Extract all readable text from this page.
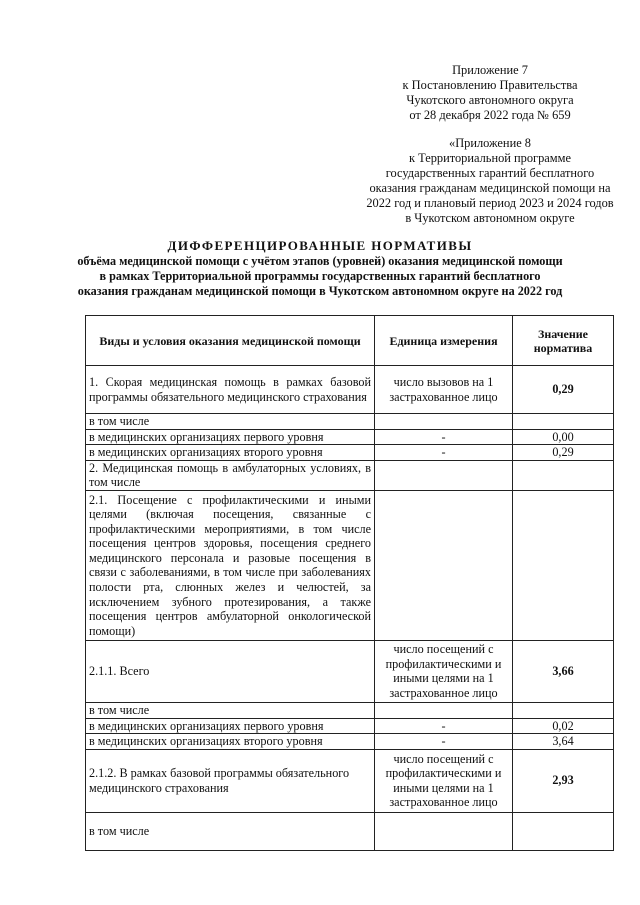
Приложение 7
к Постановлению Правительства
Чукотского автономного округа
от 28 декабря 2022 года № 659
«Приложение 8
к Территориальной программе
государственных гарантий бесплатного
оказания гражданам медицинской помощи на
2022 год и плановый период 2023 и 2024 годов
в Чукотском автономном округе
ДИФФЕРЕНЦИРОВАННЫЕ НОРМАТИВЫ
объёма медицинской помощи с учётом этапов (уровней) оказания медицинской помощи
в рамках Территориальной программы государственных гарантий бесплатного
оказания гражданам медицинской помощи в Чукотском автономном округе на 2022 год
Виды и условия оказания медицинской помощи	Единица измерения	Значение норматива
1. Скорая медицинская помощь в рамках базовой программы обязательного медицинского страхования	число вызовов на 1 застрахованное лицо	0,29
в том числе		
в медицинских организациях первого уровня	-	0,00
в медицинских организациях второго уровня	-	0,29
2. Медицинская помощь в амбулаторных условиях, в том числе		
2.1. Посещение с профилактическими и иными целями (включая посещения, связанные с профилактическими мероприятиями, в том числе посещения центров здоровья, посещения среднего медицинского персонала и разовые посещения в связи с заболеваниями, в том числе при заболеваниях полости рта, слюнных желез и челюстей, за исключением зубного протезирования, а также посещения центров амбулаторной онкологической помощи)		
2.1.1. Всего	число посещений с профилактическими и иными целями на 1 застрахованное лицо	3,66
в том числе		
в медицинских организациях первого уровня	-	0,02
в медицинских организациях второго уровня	-	3,64
2.1.2. В рамках базовой программы обязательного медицинского страхования	число посещений с профилактическими и иными целями на 1 застрахованное лицо	2,93
в том числе		
